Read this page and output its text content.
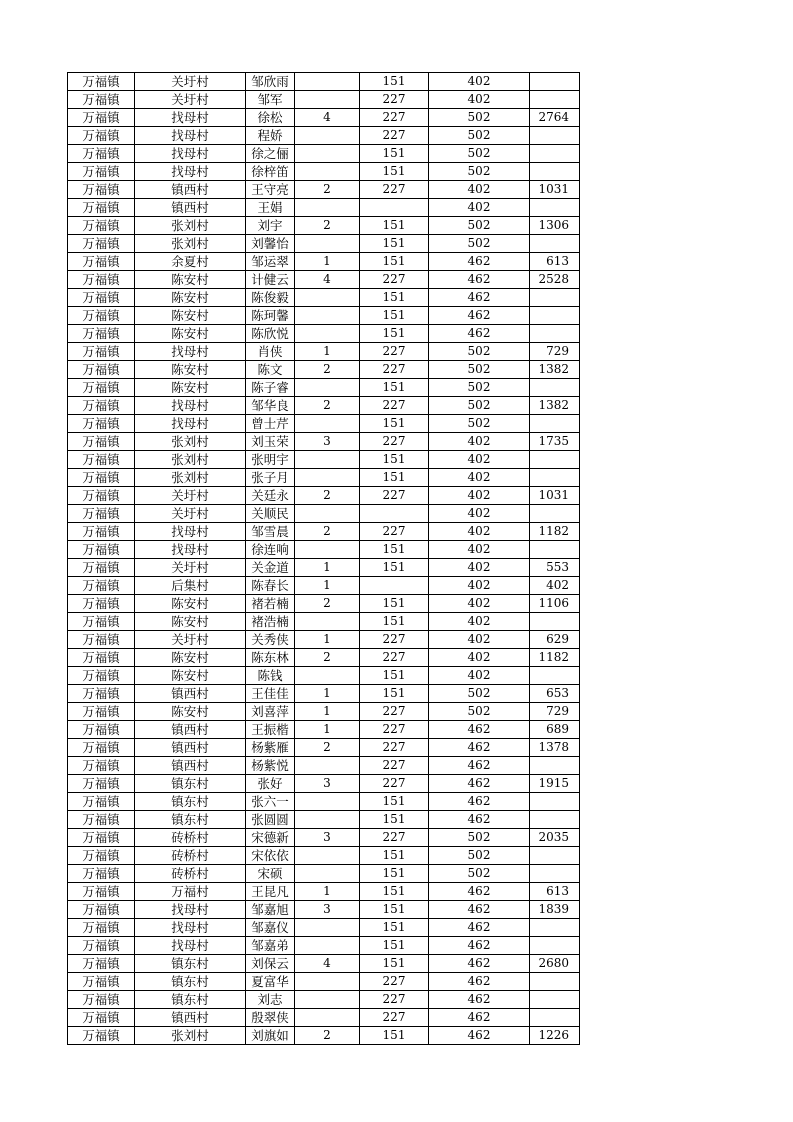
万福镇	关圩村	邹欣雨		151	402	
万福镇	关圩村	邹军		227	402	
万福镇	找母村	徐松	4	227	502	2764
万福镇	找母村	程娇		227	502	
万福镇	找母村	徐之俪		151	502	
万福镇	找母村	徐梓笛		151	502	
万福镇	镇西村	王守亮	2	227	402	1031
万福镇	镇西村	王娟			402	
万福镇	张刘村	刘宇	2	151	502	1306
万福镇	张刘村	刘馨怡		151	502	
万福镇	余夏村	邹运翠	1	151	462	613
万福镇	陈安村	计健云	4	227	462	2528
万福镇	陈安村	陈俊毅		151	462	
万福镇	陈安村	陈珂馨		151	462	
万福镇	陈安村	陈欣悦		151	462	
万福镇	找母村	肖侠	1	227	502	729
万福镇	陈安村	陈文	2	227	502	1382
万福镇	陈安村	陈子睿		151	502	
万福镇	找母村	邹华良	2	227	502	1382
万福镇	找母村	曾士芹		151	502	
万福镇	张刘村	刘玉荣	3	227	402	1735
万福镇	张刘村	张明宇		151	402	
万福镇	张刘村	张子月		151	402	
万福镇	关圩村	关廷永	2	227	402	1031
万福镇	关圩村	关顺民			402	
万福镇	找母村	邹雪晨	2	227	402	1182
万福镇	找母村	徐连响		151	402	
万福镇	关圩村	关金道	1	151	402	553
万福镇	后集村	陈春长	1		402	402
万福镇	陈安村	褚若楠	2	151	402	1106
万福镇	陈安村	褚浩楠		151	402	
万福镇	关圩村	关秀侠	1	227	402	629
万福镇	陈安村	陈东林	2	227	402	1182
万福镇	陈安村	陈钱		151	402	
万福镇	镇西村	王佳佳	1	151	502	653
万福镇	陈安村	刘喜萍	1	227	502	729
万福镇	镇西村	王振楷	1	227	462	689
万福镇	镇西村	杨紫雁	2	227	462	1378
万福镇	镇西村	杨紫悦		227	462	
万福镇	镇东村	张好	3	227	462	1915
万福镇	镇东村	张六一		151	462	
万福镇	镇东村	张圆圆		151	462	
万福镇	砖桥村	宋德新	3	227	502	2035
万福镇	砖桥村	宋依依		151	502	
万福镇	砖桥村	宋硕		151	502	
万福镇	万福村	王昆凡	1	151	462	613
万福镇	找母村	邹嘉旭	3	151	462	1839
万福镇	找母村	邹嘉仪		151	462	
万福镇	找母村	邹嘉弟		151	462	
万福镇	镇东村	刘保云	4	151	462	2680
万福镇	镇东村	夏富华		227	462	
万福镇	镇东村	刘志		227	462	
万福镇	镇西村	殷翠侠		227	462	
万福镇	张刘村	刘旗如	2	151	462	1226
